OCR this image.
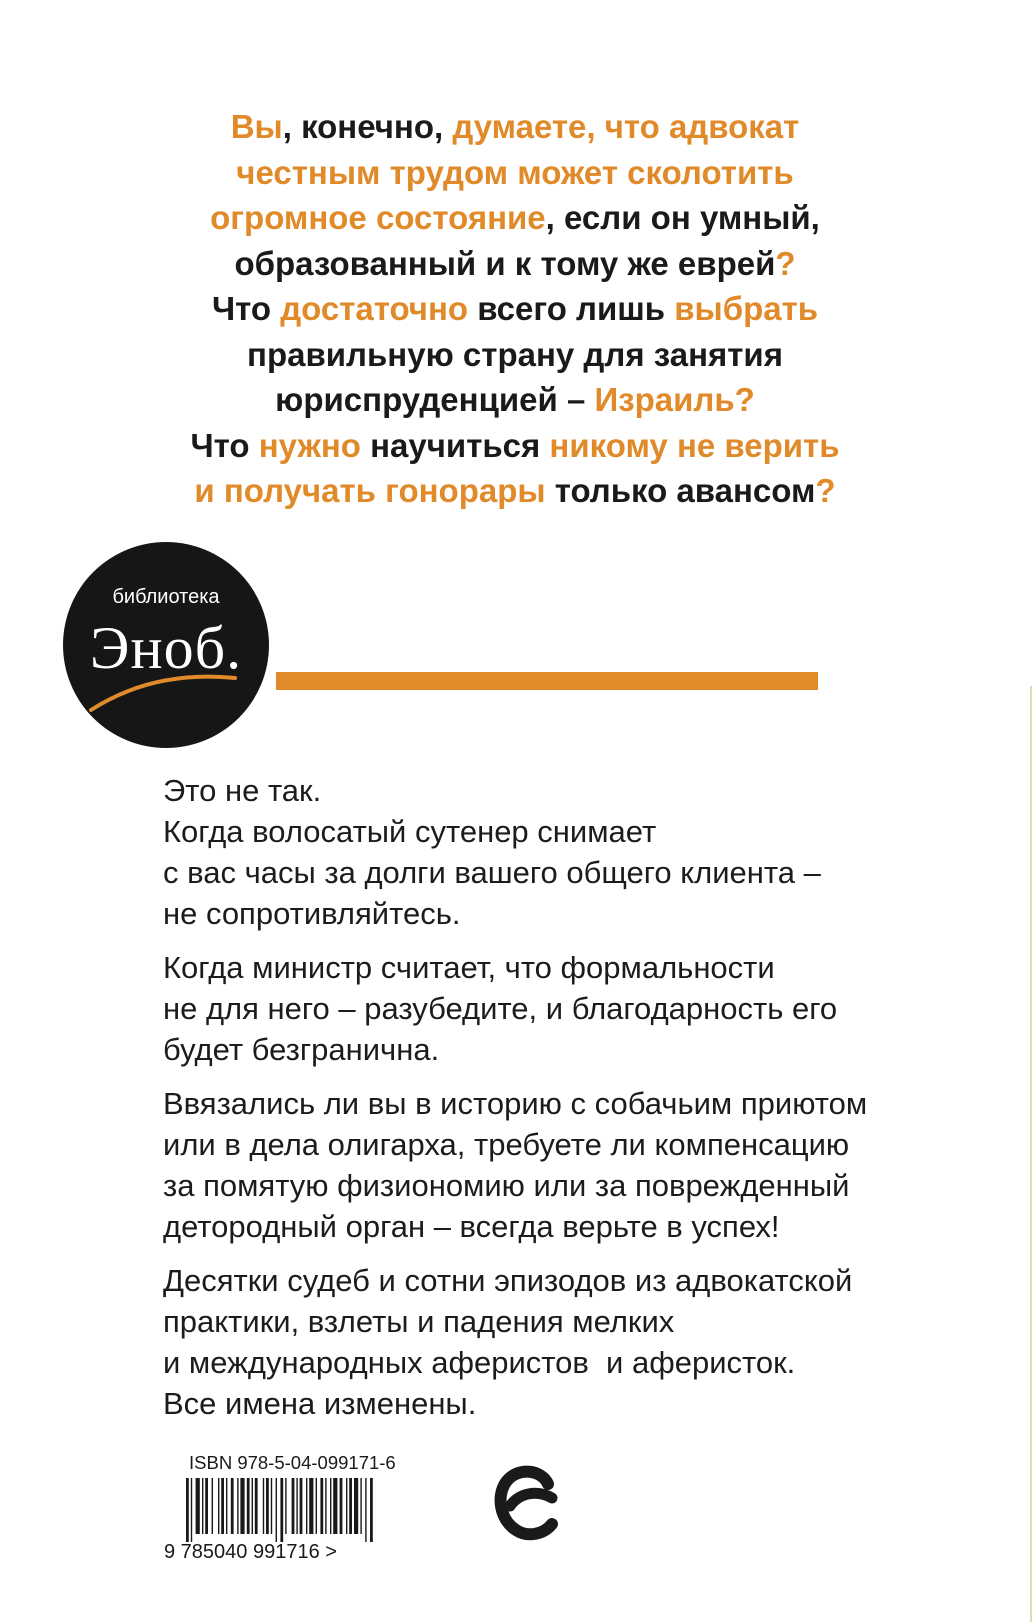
Вы, конечно, думаете, что адвокат
честным трудом может сколотить
огромное состояние, если он умный,
образованный и к тому же еврей?
Что достаточно всего лишь выбрать
правильную страну для занятия
юриспруденцией – Израиль?
Что нужно научиться никому не верить
и получать гонорары только авансом?
библиотека
Эноб.

Это не так.
Когда волосатый сутенер снимает
с вас часы за долги вашего общего клиента –
не сопротивляйтесь.

Когда министр считает, что формальности
не для него – разубедите, и благодарность его
будет безгранична.

Ввязались ли вы в историю с собачьим приютом
или в дела олигарха, требуете ли компенсацию
за помятую физиономию или за поврежденный
детородный орган – всегда верьте в успех!

Десятки судеб и сотни эпизодов из адвокатской
практики, взлеты и падения мелких
и международных аферистов  и аферисток.
Все имена изменены.

ISBN 978-5-04-099171-6
9 785040 991716 >
